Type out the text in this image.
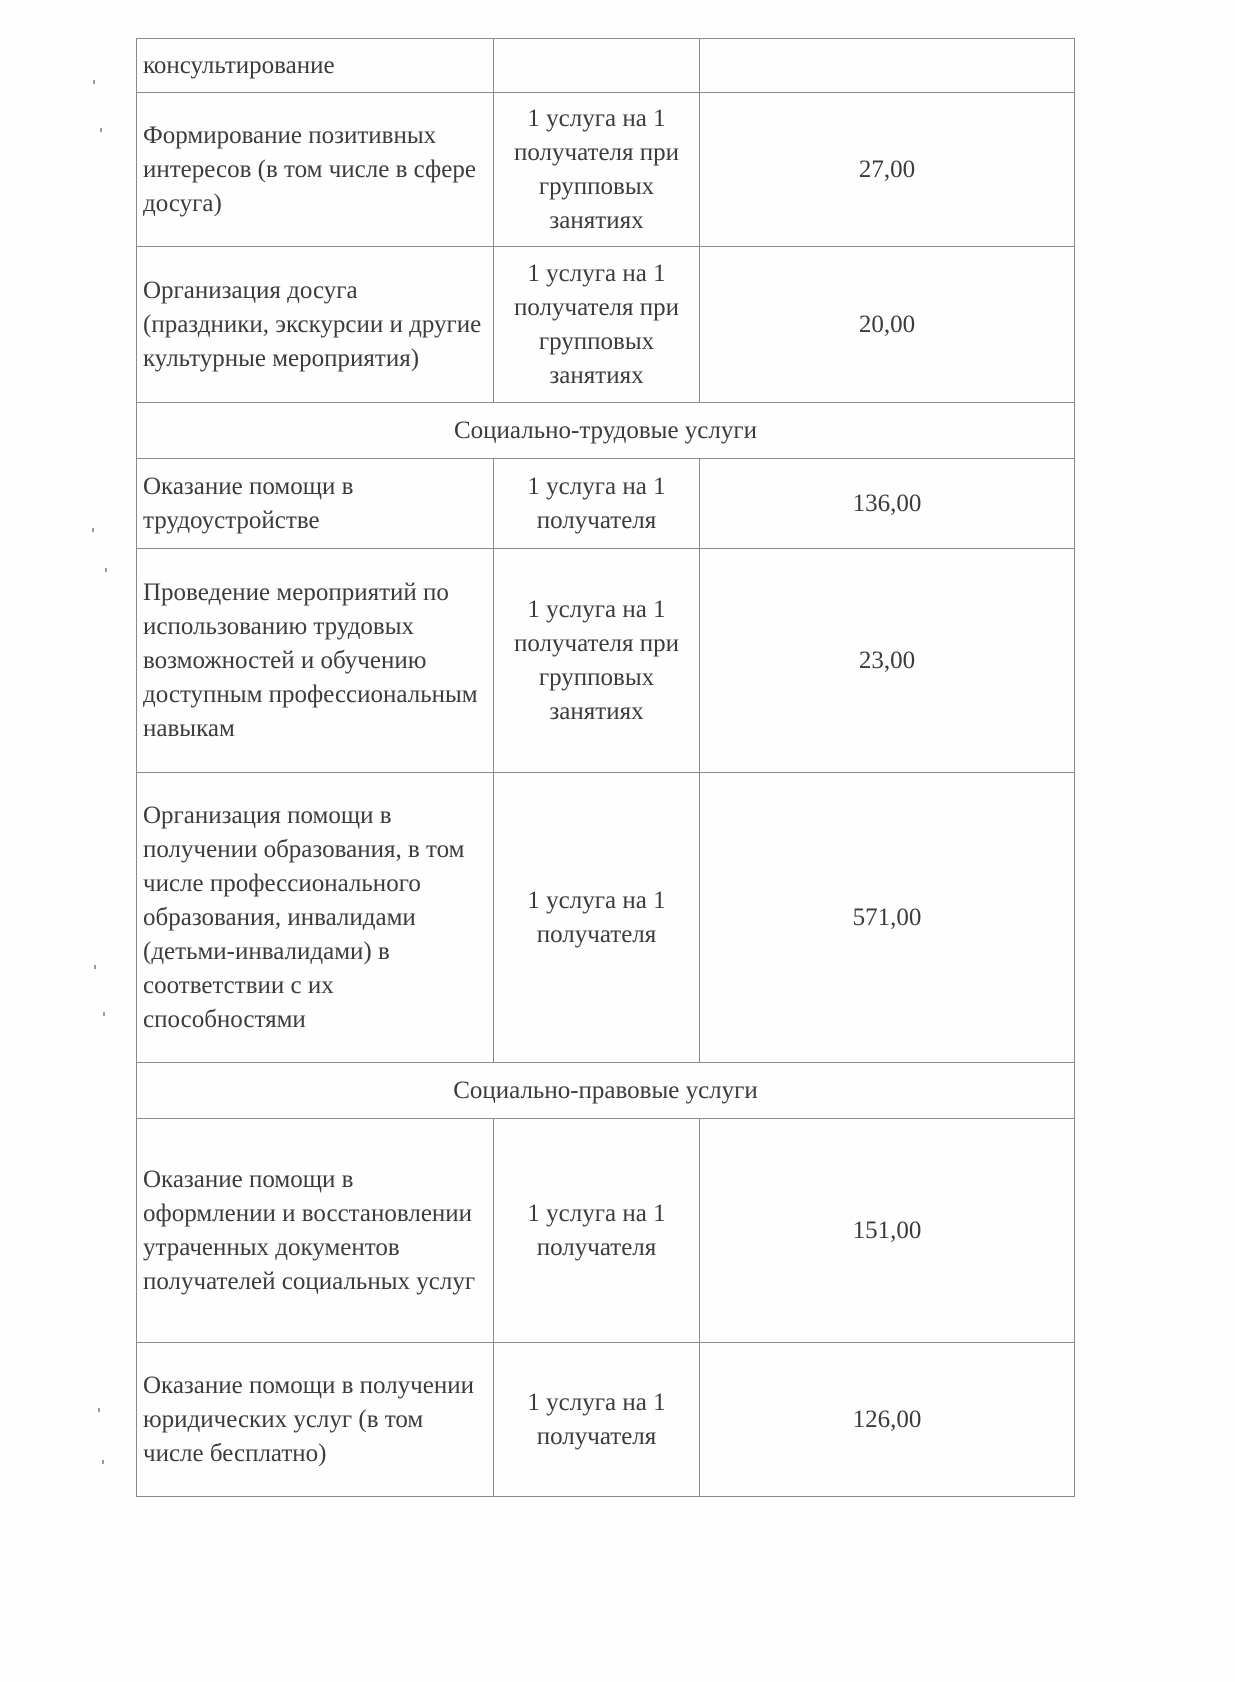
консультирование		
Формирование позитивных интересов (в том числе в сфере досуга)	1 услуга на 1 получателя при групповых занятиях	27,00
Организация досуга (праздники, экскурсии и другие культурные мероприятия)	1 услуга на 1 получателя при групповых занятиях	20,00
Социально-трудовые услуги		
Оказание помощи в трудоустройстве	1 услуга на 1 получателя	136,00
Проведение мероприятий по использованию трудовых возможностей и обучению доступным профессиональным навыкам	1 услуга на 1 получателя при групповых занятиях	23,00
Организация помощи в получении образования, в том числе профессионального образования, инвалидами (детьми-инвалидами) в соответствии с их способностями	1 услуга на 1 получателя	571,00
Социально-правовые услуги		
Оказание помощи в оформлении и восстановлении утраченных документов получателей социальных услуг	1 услуга на 1 получателя	151,00
Оказание помощи в получении юридических услуг (в том числе бесплатно)	1 услуга на 1 получателя	126,00
